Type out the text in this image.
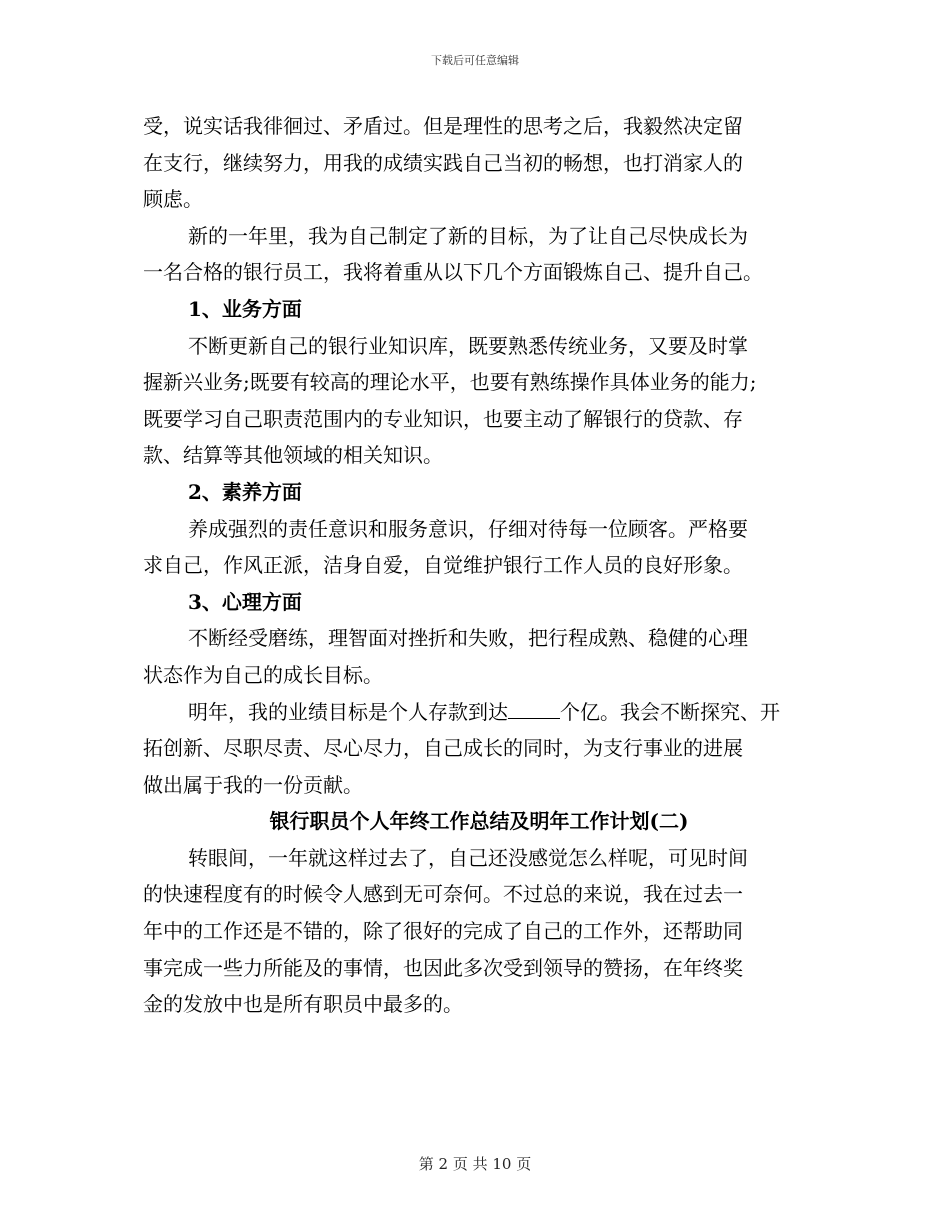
下载后可任意编辑
受，说实话我徘徊过、矛盾过。但是理性的思考之后，我毅然决定留
在支行，继续努力，用我的成绩实践自己当初的畅想，也打消家人的
顾虑。
新的一年里，我为自己制定了新的目标，为了让自己尽快成长为
一名合格的银行员工，我将着重从以下几个方面锻炼自己、提升自己。
1、业务方面
不断更新自己的银行业知识库，既要熟悉传统业务，又要及时掌
握新兴业务;既要有较高的理论水平，也要有熟练操作具体业务的能力;
既要学习自己职责范围内的专业知识，也要主动了解银行的贷款、存
款、结算等其他领域的相关知识。
2、素养方面
养成强烈的责任意识和服务意识，仔细对待每一位顾客。严格要
求自己，作风正派，洁身自爱，自觉维护银行工作人员的良好形象。
3、心理方面
不断经受磨练，理智面对挫折和失败，把行程成熟、稳健的心理
状态作为自己的成长目标。
明年，我的业绩目标是个人存款到达	个亿。我会不断探究、开
拓创新、尽职尽责、尽心尽力，自己成长的同时，为支行事业的进展
做出属于我的一份贡献。
银行职员个人年终工作总结及明年工作计划(二)
转眼间，一年就这样过去了，自己还没感觉怎么样呢，可见时间
的快速程度有的时候令人感到无可奈何。不过总的来说，我在过去一
年中的工作还是不错的，除了很好的完成了自己的工作外，还帮助同
事完成一些力所能及的事情，也因此多次受到领导的赞扬，在年终奖
金的发放中也是所有职员中最多的。
第 2 页 共 10 页
